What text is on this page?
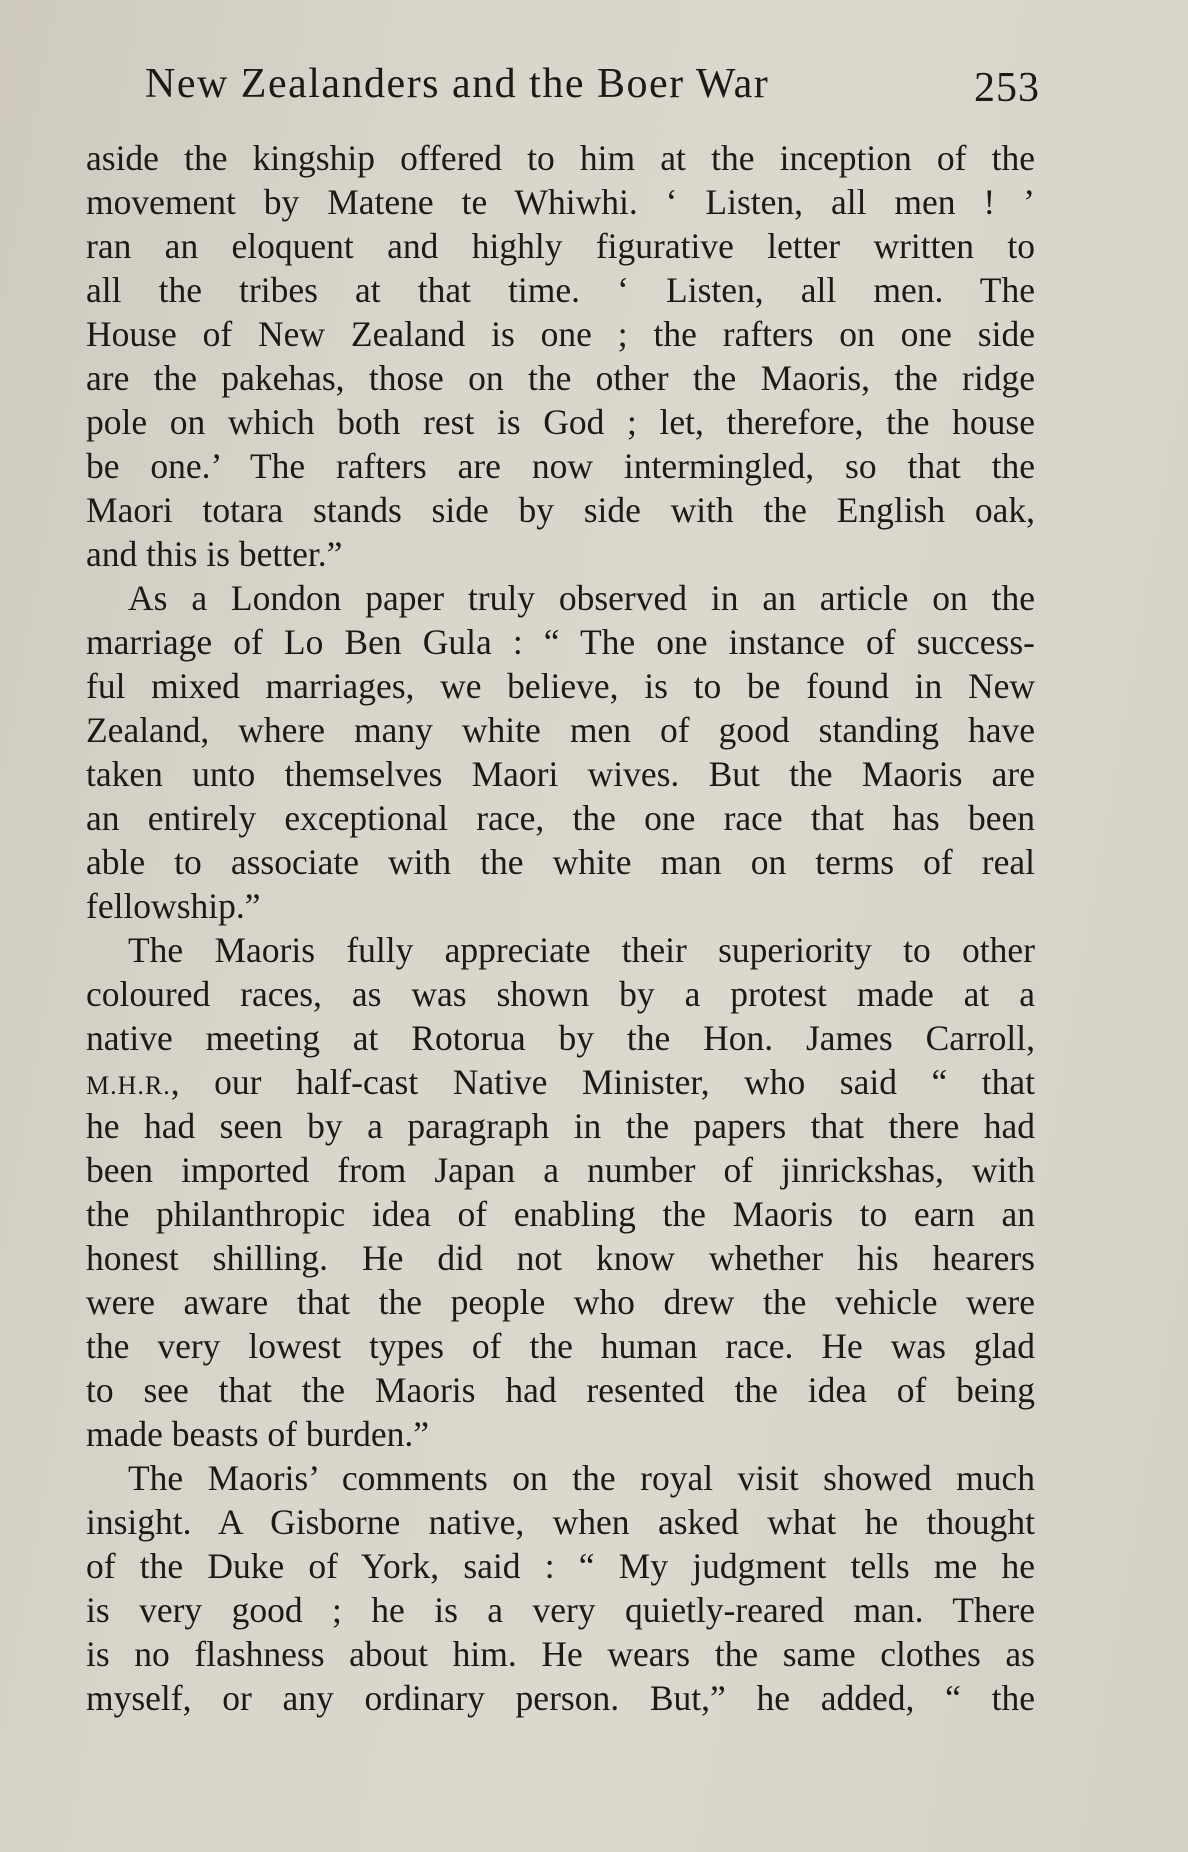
New Zealanders and the Boer War	253
aside the kingship offered to him at the inception of the
movement by Matene te Whiwhi. ‘ Listen, all men ! ’
ran an eloquent and highly figurative letter written to
all the tribes at that time. ‘ Listen, all men. The
House of New Zealand is one ; the rafters on one side
are the pakehas, those on the other the Maoris, the ridge
pole on which both rest is God ; let, therefore, the house
be one.’ The rafters are now intermingled, so that the
Maori totara stands side by side with the English oak,
and this is better.”
As a London paper truly observed in an article on the
marriage of Lo Ben Gula : “ The one instance of success-
ful mixed marriages, we believe, is to be found in New
Zealand, where many white men of good standing have
taken unto themselves Maori wives. But the Maoris are
an entirely exceptional race, the one race that has been
able to associate with the white man on terms of real
fellowship.”
The Maoris fully appreciate their superiority to other
coloured races, as was shown by a protest made at a
native meeting at Rotorua by the Hon. James Carroll,
M.H.R., our half-cast Native Minister, who said “ that
he had seen by a paragraph in the papers that there had
been imported from Japan a number of jinrickshas, with
the philanthropic idea of enabling the Maoris to earn an
honest shilling. He did not know whether his hearers
were aware that the people who drew the vehicle were
the very lowest types of the human race. He was glad
to see that the Maoris had resented the idea of being
made beasts of burden.”
The Maoris’ comments on the royal visit showed much
insight. A Gisborne native, when asked what he thought
of the Duke of York, said : “ My judgment tells me he
is very good ; he is a very quietly-reared man. There
is no flashness about him. He wears the same clothes as
myself, or any ordinary person. But,” he added, “ the
